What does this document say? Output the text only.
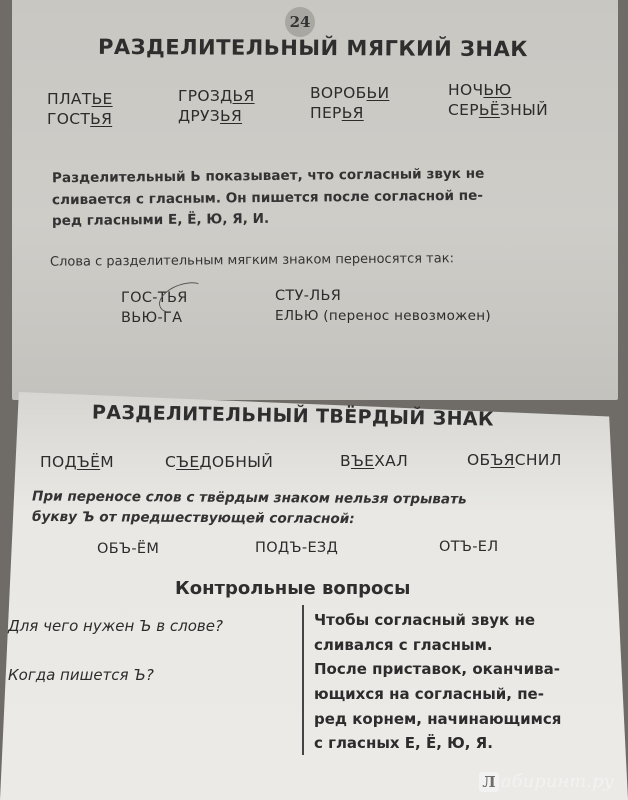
24
РАЗДЕЛИТЕЛЬНЫЙ МЯГКИЙ ЗНАК
ПЛАТЬЕ
ГОСТЬЯ
ГРОЗДЬЯ
ДРУЗЬЯ
ВОРОБЬИ
ПЕРЬЯ
НОЧЬЮ
СЕРЬЁЗНЫЙ
Разделительный Ь показывает, что согласный звук не
сливается с гласным. Он пишется после согласной пе-
ред гласными Е, Ё, Ю, Я, И.
Слова с разделительным мягким знаком переносятся так:
ГОС-ТЬЯ
ВЬЮ-ГА
СТУ-ЛЬЯ
ЕЛЬЮ (перенос невозможен)
РАЗДЕЛИТЕЛЬНЫЙ ТВЁРДЫЙ ЗНАК
ПОДЪЁМ	СЪЕДОБНЫЙ	ВЪЕХАЛ	ОБЪЯСНИЛ
При переносе слов с твёрдым знаком нельзя отрывать
букву Ъ от предшествующей согласной:
ОБЪ-ЁМ	ПОДЪ-ЕЗД	ОТЪ-ЕЛ
Контрольные вопросы
Для чего нужен Ъ в слове?
Когда пишется Ъ?
Чтобы согласный звук не
сливался с гласным.
После приставок, оканчива-
ющихся на согласный, пе-
ред корнем, начинающимся
с гласных Е, Ё, Ю, Я.
Л абиринт.ру
